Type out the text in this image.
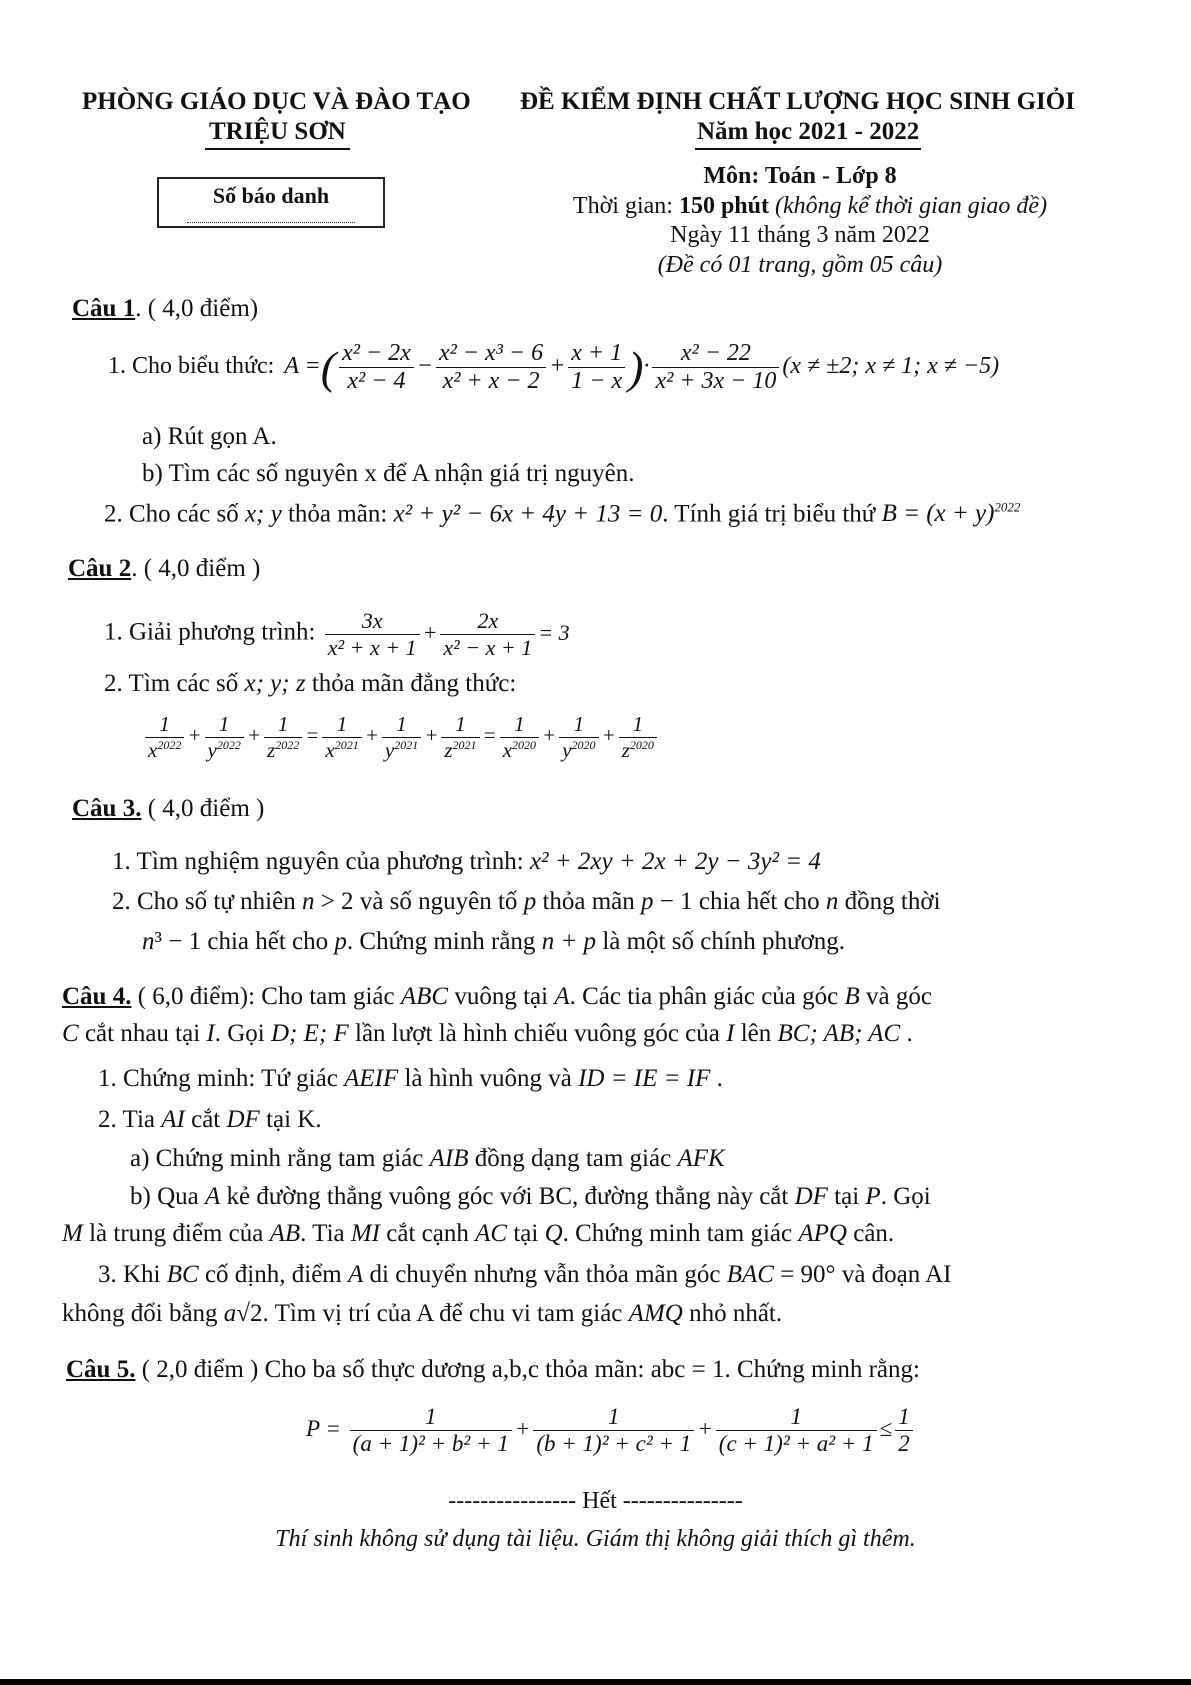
PHÒNG GIÁO DỤC VÀ ĐÀO TẠO
TRIỆU SƠN
ĐỀ KIỂM ĐỊNH CHẤT LƯỢNG HỌC SINH GIỎI
Năm học 2021 - 2022
Số báo danh
Môn: Toán - Lớp 8
Thời gian: 150 phút (không kể thời gian giao đề)
Ngày 11 tháng 3 năm 2022
(Đề có 01 trang, gồm 05 câu)
Câu 1. ( 4,0 điểm)
1. Cho biểu thức: A =( $\frac{\text{x² − 2x}}{\text{x² − 4}} - \frac{\text{x² − x³ − 6}}{\text{x² + x − 2}} + \frac{x + 1}{1 - x}$ )· $\frac{\text{x² − 22}}{\text{x² + 3x − 10}} (x \ne \pm 2$; x ≠ 1; x ≠ −5)
a) Rút gọn A.
b) Tìm các số nguyên x để A nhận giá trị nguyên.
2. Cho các số x; y thỏa mãn: x² + y² − 6x + 4y + 13 = 0. Tính giá trị biểu thứ $B = (x + y)^{2022}$
Câu 2. ( 4,0 điểm )
1. Giải phương trình: $\frac{3x}{\text{x² + x + 1}} + \frac{2x}{\text{x² − x + 1}} = 3$
2. Tìm các số x; y; z thỏa mãn đẳng thức:
$\frac{1}{x^{2022}} + \frac{1}{y^{2022}} + \frac{1}{z^{2022}} = \frac{1}{x^{2021}} + \frac{1}{y^{2021}} + \frac{1}{z^{2021}} = \frac{1}{x^{2020}} + \frac{1}{y^{2020}} + \frac{1}{z^{2020}}$
Câu 3. ( 4,0 điểm )
1. Tìm nghiệm nguyên của phương trình: x² + 2xy + 2x + 2y − 3y² = 4
2. Cho số tự nhiên n > 2 và số nguyên tố p thỏa mãn p − 1 chia hết cho n đồng thời
n³ − 1 chia hết cho p. Chứng minh rằng n + p là một số chính phương.
Câu 4. ( 6,0 điểm): Cho tam giác ABC vuông tại A. Các tia phân giác của góc B và góc
C cắt nhau tại I. Gọi D; E; F lần lượt là hình chiếu vuông góc của I lên BC; AB; AC .
1. Chứng minh: Tứ giác AEIF là hình vuông và ID = IE = IF .
2. Tia AI cắt DF tại K.
a) Chứng minh rằng tam giác AIB đồng dạng tam giác AFK
b) Qua A kẻ đường thẳng vuông góc với BC, đường thẳng này cắt DF tại P. Gọi
M là trung điểm của AB. Tia MI cắt cạnh AC tại Q. Chứng minh tam giác APQ cân.
3. Khi BC cố định, điểm A di chuyển nhưng vẫn thỏa mãn góc BAC = 90° và đoạn AI
không đổi bằng a√2. Tìm vị trí của A để chu vi tam giác AMQ nhỏ nhất.
Câu 5. ( 2,0 điểm ) Cho ba số thực dương a,b,c thỏa mãn: abc = 1. Chứng minh rằng:
$P = \frac{1}{\text{(a + 1)² + b² + 1}} + \frac{1}{\text{(b + 1)² + c² + 1}} + \frac{1}{\text{(c + 1)² + a² + 1}} \le \frac{1}{2}$
---------------- Hết ---------------
Thí sinh không sử dụng tài liệu. Giám thị không giải thích gì thêm.
